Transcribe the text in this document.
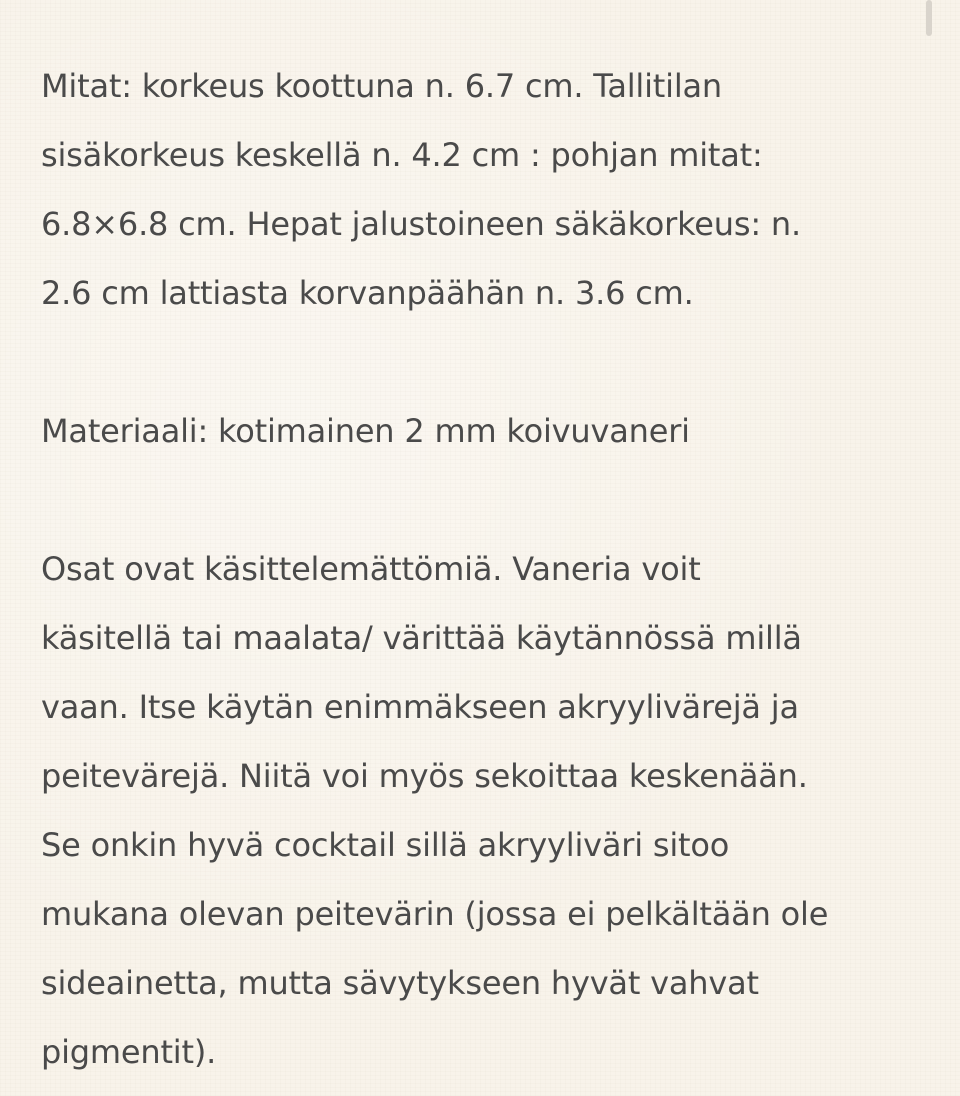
Mitat: korkeus koottuna n. 6.7 cm. Tallitilan
sisäkorkeus keskellä n. 4.2 cm : pohjan mitat:
6.8×6.8 cm. Hepat jalustoineen säkäkorkeus: n.
2.6 cm lattiasta korvanpäähän n. 3.6 cm.

Materiaali: kotimainen 2 mm koivuvaneri

Osat ovat käsittelemättömiä. Vaneria voit
käsitellä tai maalata/ värittää käytännössä millä
vaan. Itse käytän enimmäkseen akryylivärejä ja
peitevärejä. Niitä voi myös sekoittaa keskenään.
Se onkin hyvä cocktail sillä akryyliväri sitoo
mukana olevan peitevärin (jossa ei pelkältään ole
sideainetta, mutta sävytykseen hyvät vahvat
pigmentit).
